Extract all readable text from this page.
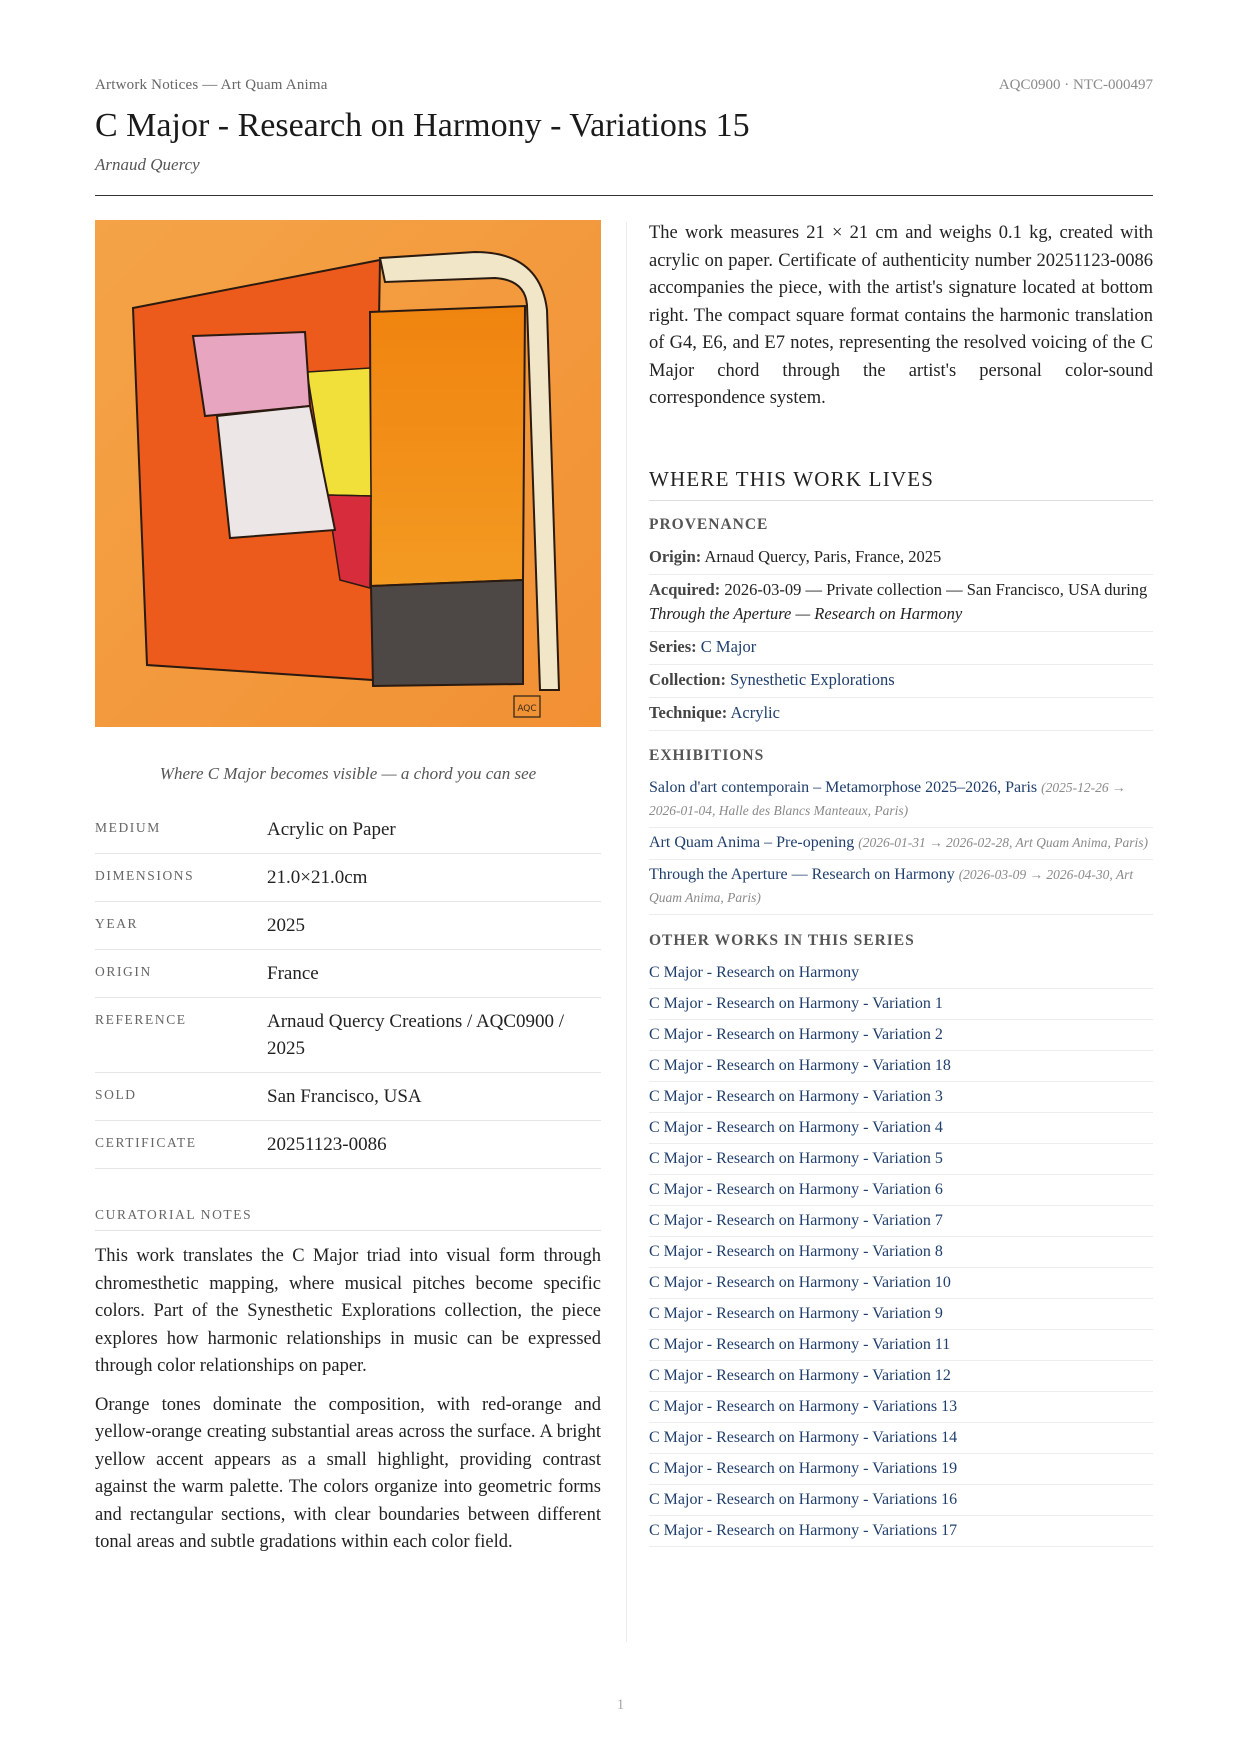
Artwork Notices — Art Quam Anima	AQC0900 · NTC-000497
C Major - Research on Harmony - Variations 15
Arnaud Quercy
AQC
Where C Major becomes visible — a chord you can see
MEDIUM	Acrylic on Paper
DIMENSIONS	21.0×21.0cm
YEAR	2025
ORIGIN	France
REFERENCE	Arnaud Quercy Creations / AQC0900 / 2025
SOLD	San Francisco, USA
CERTIFICATE	20251123-0086
CURATORIAL NOTES

This work translates the C Major triad into visual form through chromesthetic mapping, where musical pitches become specific colors. Part of the Synesthetic Explorations collection, the piece explores how harmonic relationships in music can be expressed through color relationships on paper.

Orange tones dominate the composition, with red-orange and yellow-orange creating substantial areas across the surface. A bright yellow accent appears as a small highlight, providing contrast against the warm palette. The colors organize into geometric forms and rectangular sections, with clear boundaries between different tonal areas and subtle gradations within each color field.

The work measures 21 × 21 cm and weighs 0.1 kg, created with acrylic on paper. Certificate of authenticity number 20251123-0086 accompanies the piece, with the artist's signature located at bottom right. The compact square format contains the harmonic translation of G4, E6, and E7 notes, representing the resolved voicing of the C Major chord through the artist's personal color-sound correspondence system.

WHERE THIS WORK LIVES
PROVENANCE
Origin: Arnaud Quercy, Paris, France, 2025
Acquired: 2026-03-09 — Private collection — San Francisco, USA during Through the Aperture — Research on Harmony
Series: C Major
Collection: Synesthetic Explorations
Technique: Acrylic
EXHIBITIONS
Salon d'art contemporain – Metamorphose 2025–2026, Paris (2025-12-26 → 2026-01-04, Halle des Blancs Manteaux, Paris)
Art Quam Anima – Pre-opening (2026-01-31 → 2026-02-28, Art Quam Anima, Paris)
Through the Aperture — Research on Harmony (2026-03-09 → 2026-04-30, Art Quam Anima, Paris)
OTHER WORKS IN THIS SERIES
C Major - Research on Harmony
C Major - Research on Harmony - Variation 1
C Major - Research on Harmony - Variation 2
C Major - Research on Harmony - Variation 18
C Major - Research on Harmony - Variation 3
C Major - Research on Harmony - Variation 4
C Major - Research on Harmony - Variation 5
C Major - Research on Harmony - Variation 6
C Major - Research on Harmony - Variation 7
C Major - Research on Harmony - Variation 8
C Major - Research on Harmony - Variation 10
C Major - Research on Harmony - Variation 9
C Major - Research on Harmony - Variation 11
C Major - Research on Harmony - Variation 12
C Major - Research on Harmony - Variations 13
C Major - Research on Harmony - Variations 14
C Major - Research on Harmony - Variations 19
C Major - Research on Harmony - Variations 16
C Major - Research on Harmony - Variations 17
1
